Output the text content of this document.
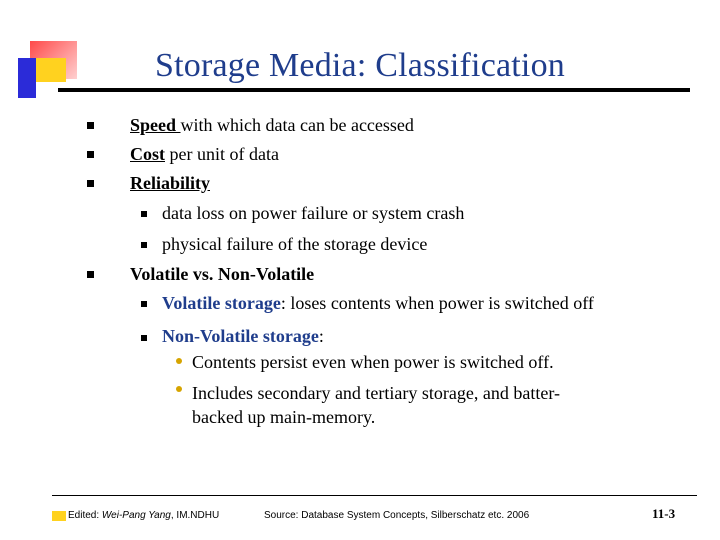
Storage Media: Classification
Speed with which data can be accessed
Cost per unit of data
Reliability
data loss on power failure or system crash
physical failure of the storage device
Volatile vs. Non-Volatile
Volatile storage: loses contents when power is switched off
Non-Volatile storage:
Contents persist even when power is switched off.
Includes secondary and tertiary storage, and batter-
backed up main-memory.
Edited: Wei-Pang Yang, IM.NDHU	Source: Database System Concepts, Silberschatz etc. 2006	11-3
